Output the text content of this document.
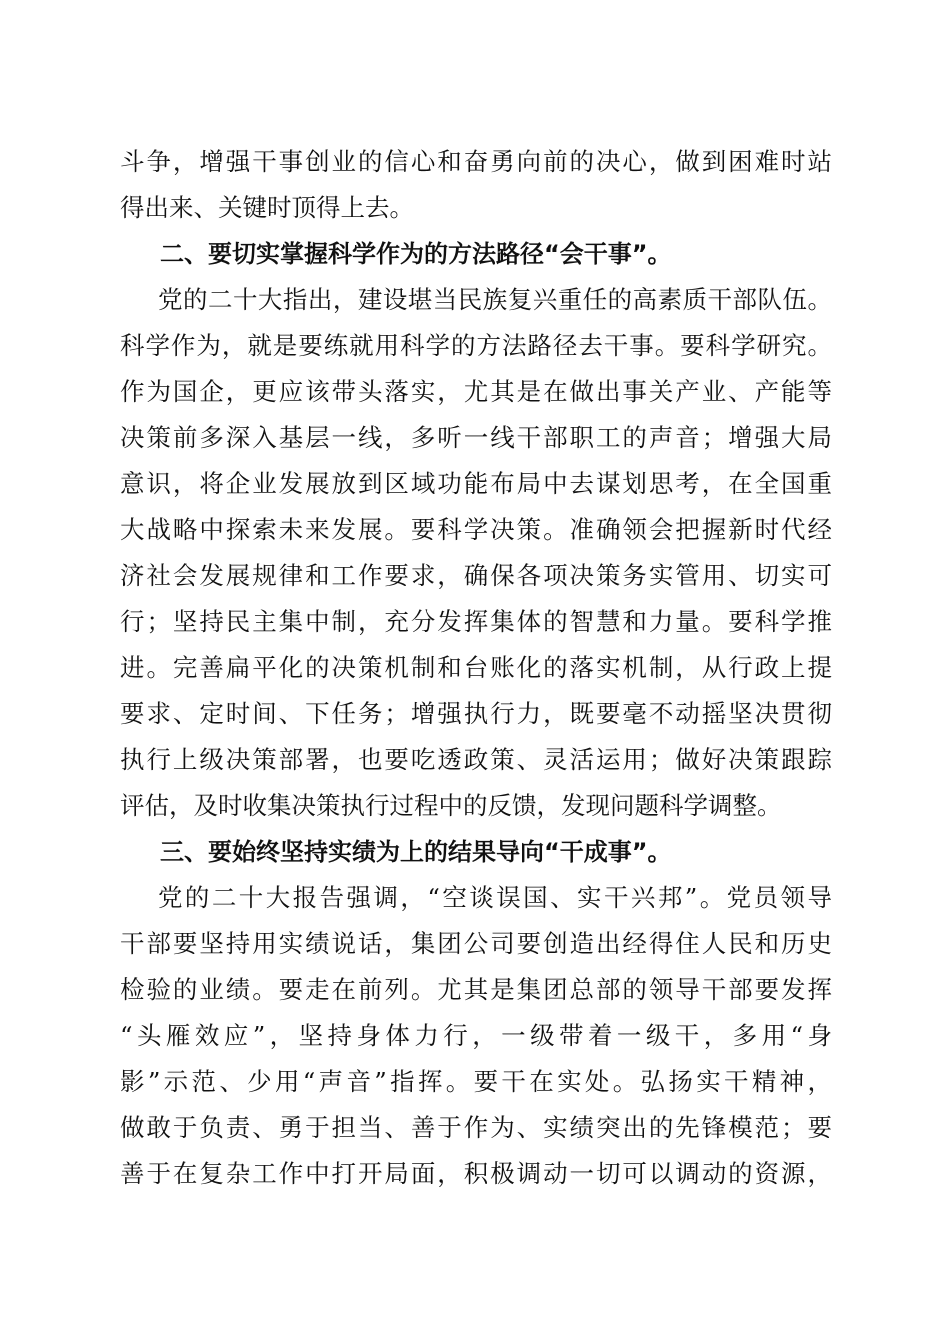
斗争，增强干事创业的信心和奋勇向前的决心，做到困难时站
得出来、关键时顶得上去。
二、要切实掌握科学作为的方法路径“会干事”。
党的二十大指出，建设堪当民族复兴重任的高素质干部队伍。
科学作为，就是要练就用科学的方法路径去干事。要科学研究。
作为国企，更应该带头落实，尤其是在做出事关产业、产能等
决策前多深入基层一线，多听一线干部职工的声音；增强大局
意识，将企业发展放到区域功能布局中去谋划思考，在全国重
大战略中探索未来发展。要科学决策。准确领会把握新时代经
济社会发展规律和工作要求，确保各项决策务实管用、切实可
行；坚持民主集中制，充分发挥集体的智慧和力量。要科学推
进。完善扁平化的决策机制和台账化的落实机制，从行政上提
要求、定时间、下任务；增强执行力，既要毫不动摇坚决贯彻
执行上级决策部署，也要吃透政策、灵活运用；做好决策跟踪
评估，及时收集决策执行过程中的反馈，发现问题科学调整。
三、要始终坚持实绩为上的结果导向“干成事”。
党的二十大报告强调，“空谈误国、实干兴邦”。党员领导
干部要坚持用实绩说话，集团公司要创造出经得住人民和历史
检验的业绩。要走在前列。尤其是集团总部的领导干部要发挥
“头雁效应”，坚持身体力行，一级带着一级干，多用“身
影”示范、少用“声音”指挥。要干在实处。弘扬实干精神，
做敢于负责、勇于担当、善于作为、实绩突出的先锋模范；要
善于在复杂工作中打开局面，积极调动一切可以调动的资源，
